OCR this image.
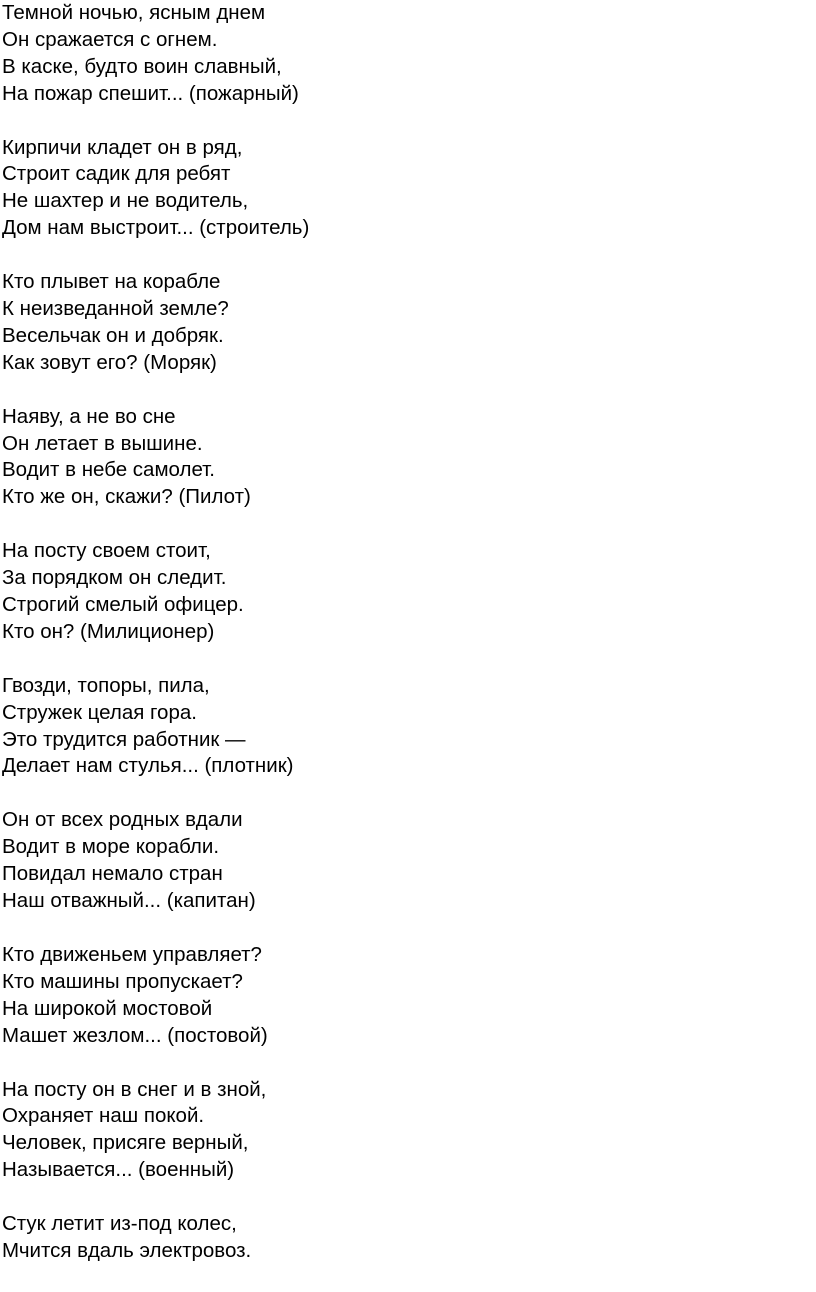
Темной ночью, ясным днем
Он сражается с огнем.
В каске, будто воин славный,
На пожар спешит... (пожарный)
Кирпичи кладет он в ряд,
Строит садик для ребят
Не шахтер и не водитель,
Дом нам выстроит... (строитель)
Кто плывет на корабле
К неизведанной земле?
Весельчак он и добряк.
Как зовут его? (Моряк)
Наяву, а не во сне
Он летает в вышине.
Водит в небе самолет.
Кто же он, скажи? (Пилот)
На посту своем стоит,
За порядком он следит.
Строгий смелый офицер.
Кто он? (Милиционер)
Гвозди, топоры, пила,
Стружек целая гора.
Это трудится работник —
Делает нам стулья... (плотник)
Он от всех родных вдали
Водит в море корабли.
Повидал немало стран
Наш отважный... (капитан)
Кто движеньем управляет?
Кто машины пропускает?
На широкой мостовой
Машет жезлом... (постовой)
На посту он в снег и в зной,
Охраняет наш покой.
Человек, присяге верный,
Называется... (военный)
Стук летит из-под колес,
Мчится вдаль электровоз.
